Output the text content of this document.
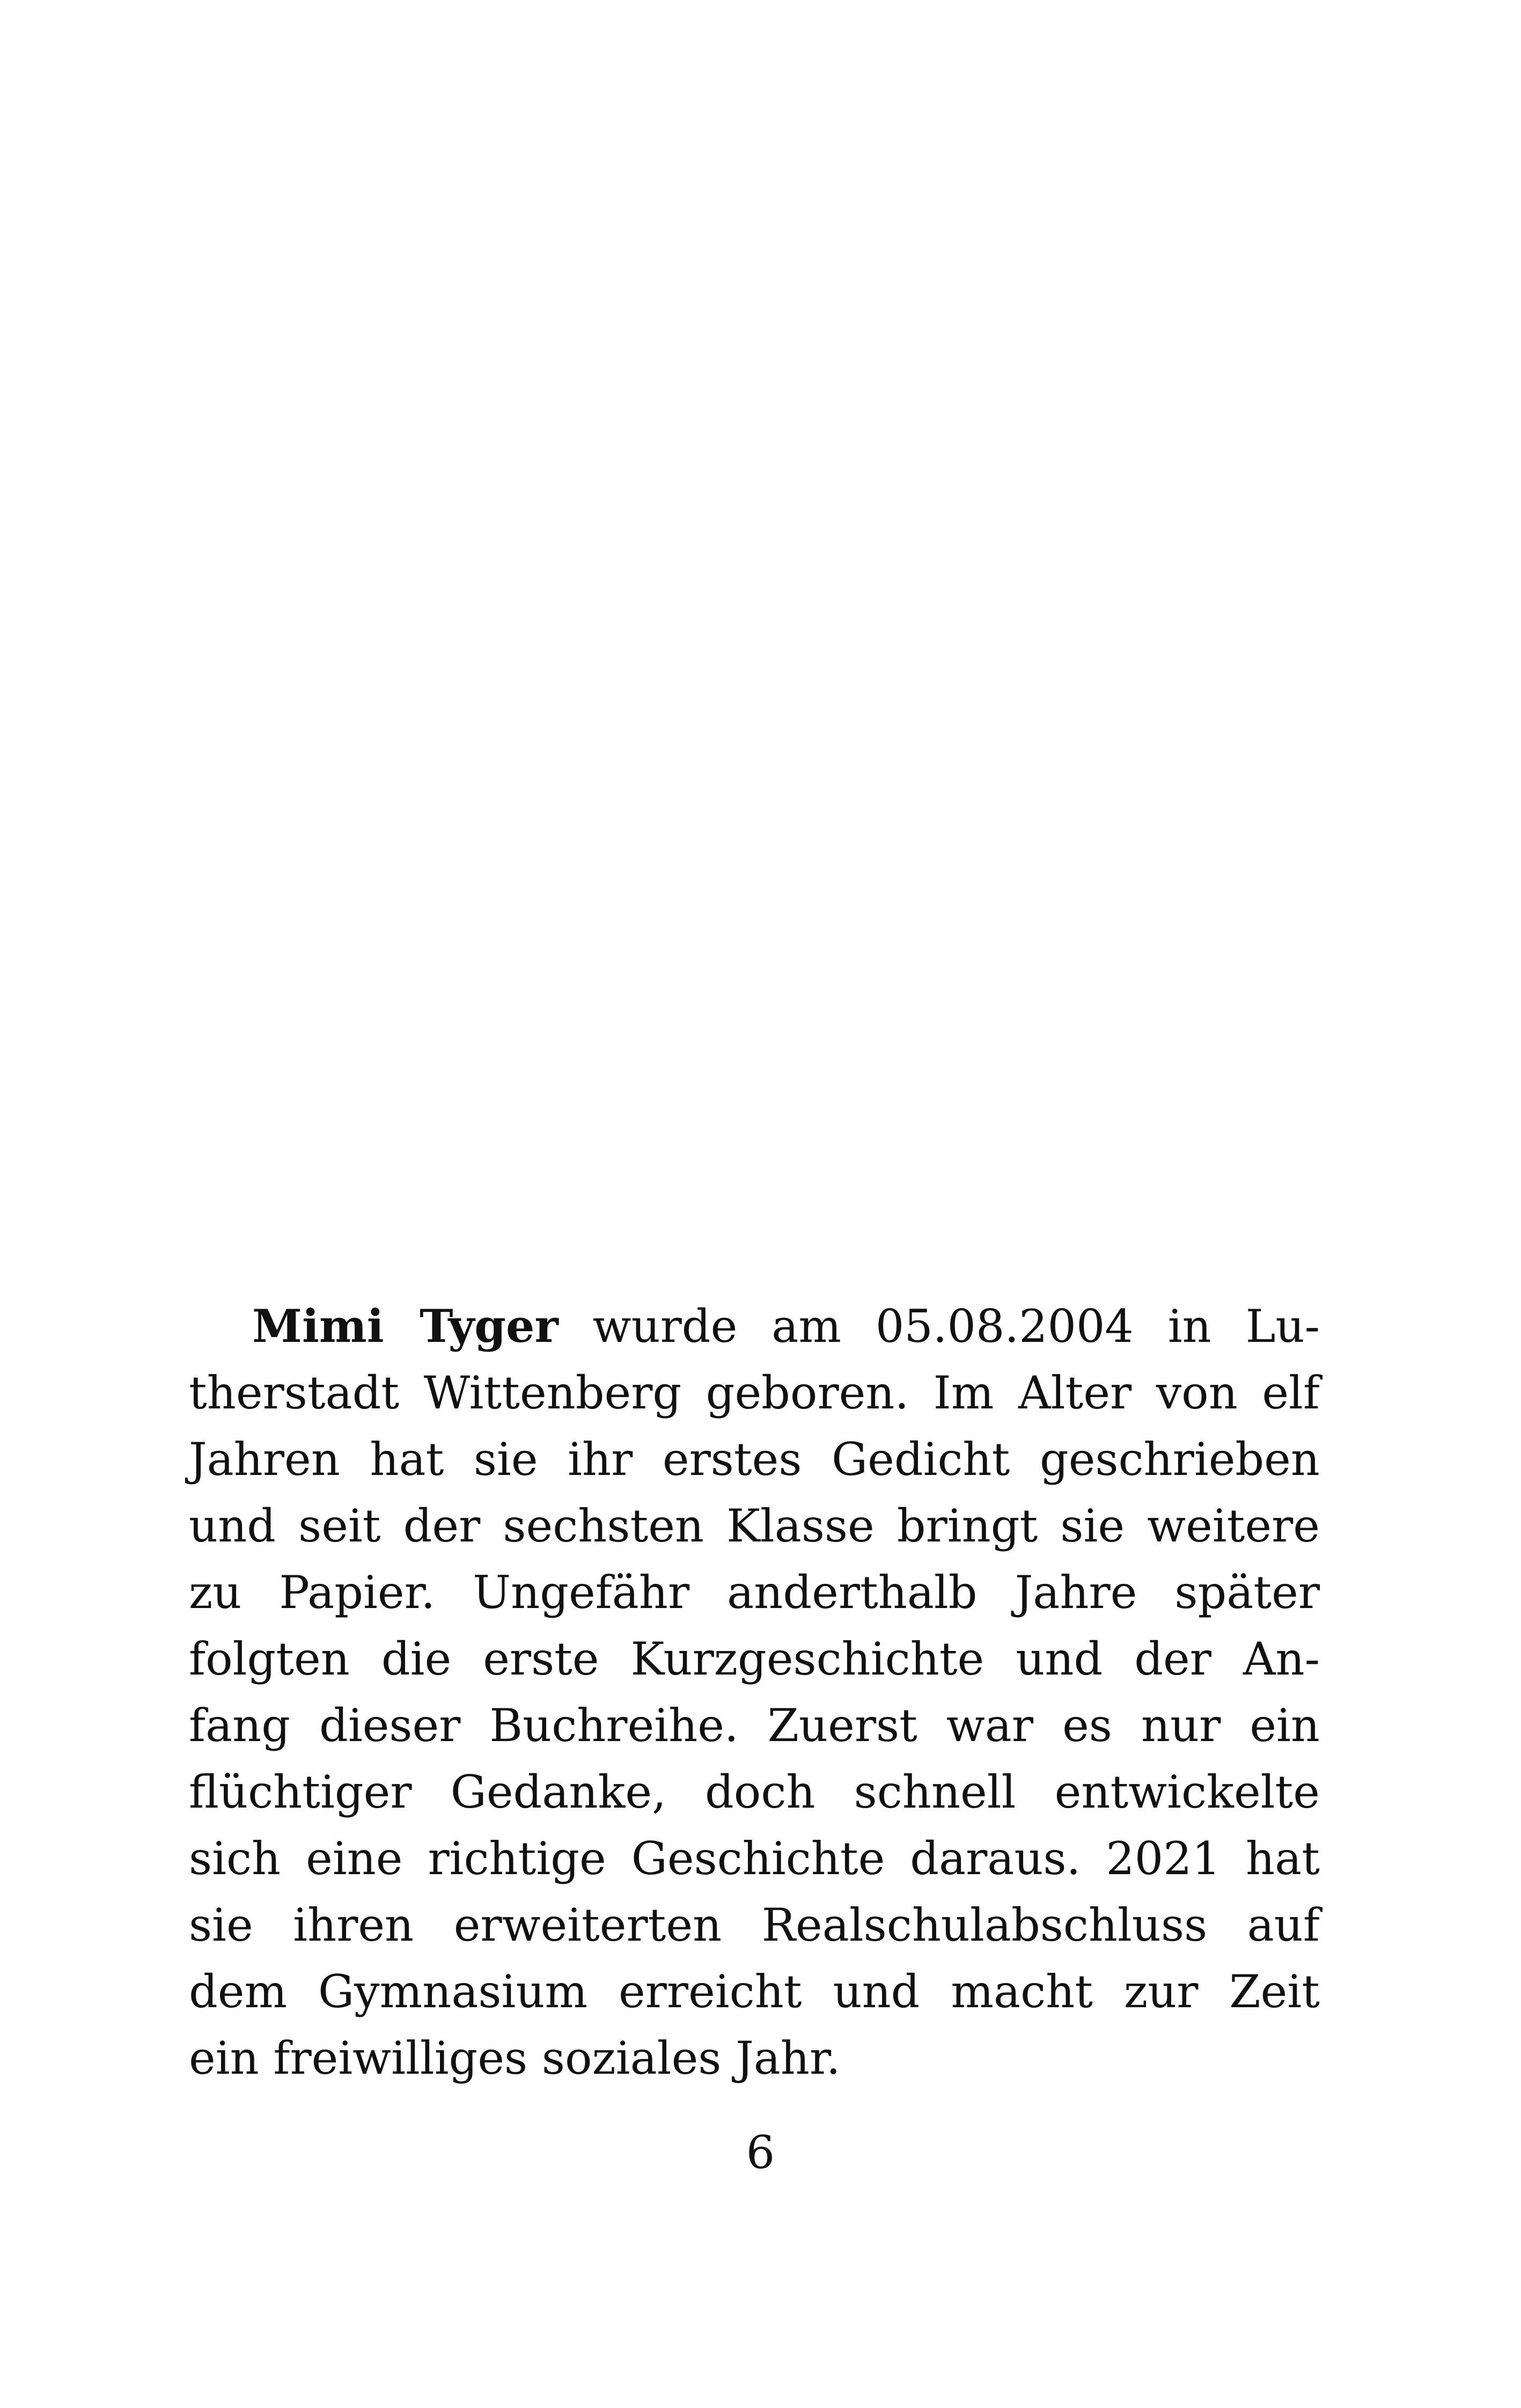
Mimi Tyger wurde am 05.08.2004 in Lu-
therstadt Wittenberg geboren. Im Alter von elf
Jahren hat sie ihr erstes Gedicht geschrieben
und seit der sechsten Klasse bringt sie weitere
zu Papier. Ungefähr anderthalb Jahre später
folgten die erste Kurzgeschichte und der An-
fang dieser Buchreihe. Zuerst war es nur ein
flüchtiger Gedanke, doch schnell entwickelte
sich eine richtige Geschichte daraus. 2021 hat
sie ihren erweiterten Realschulabschluss auf
dem Gymnasium erreicht und macht zur Zeit
ein freiwilliges soziales Jahr.

6
